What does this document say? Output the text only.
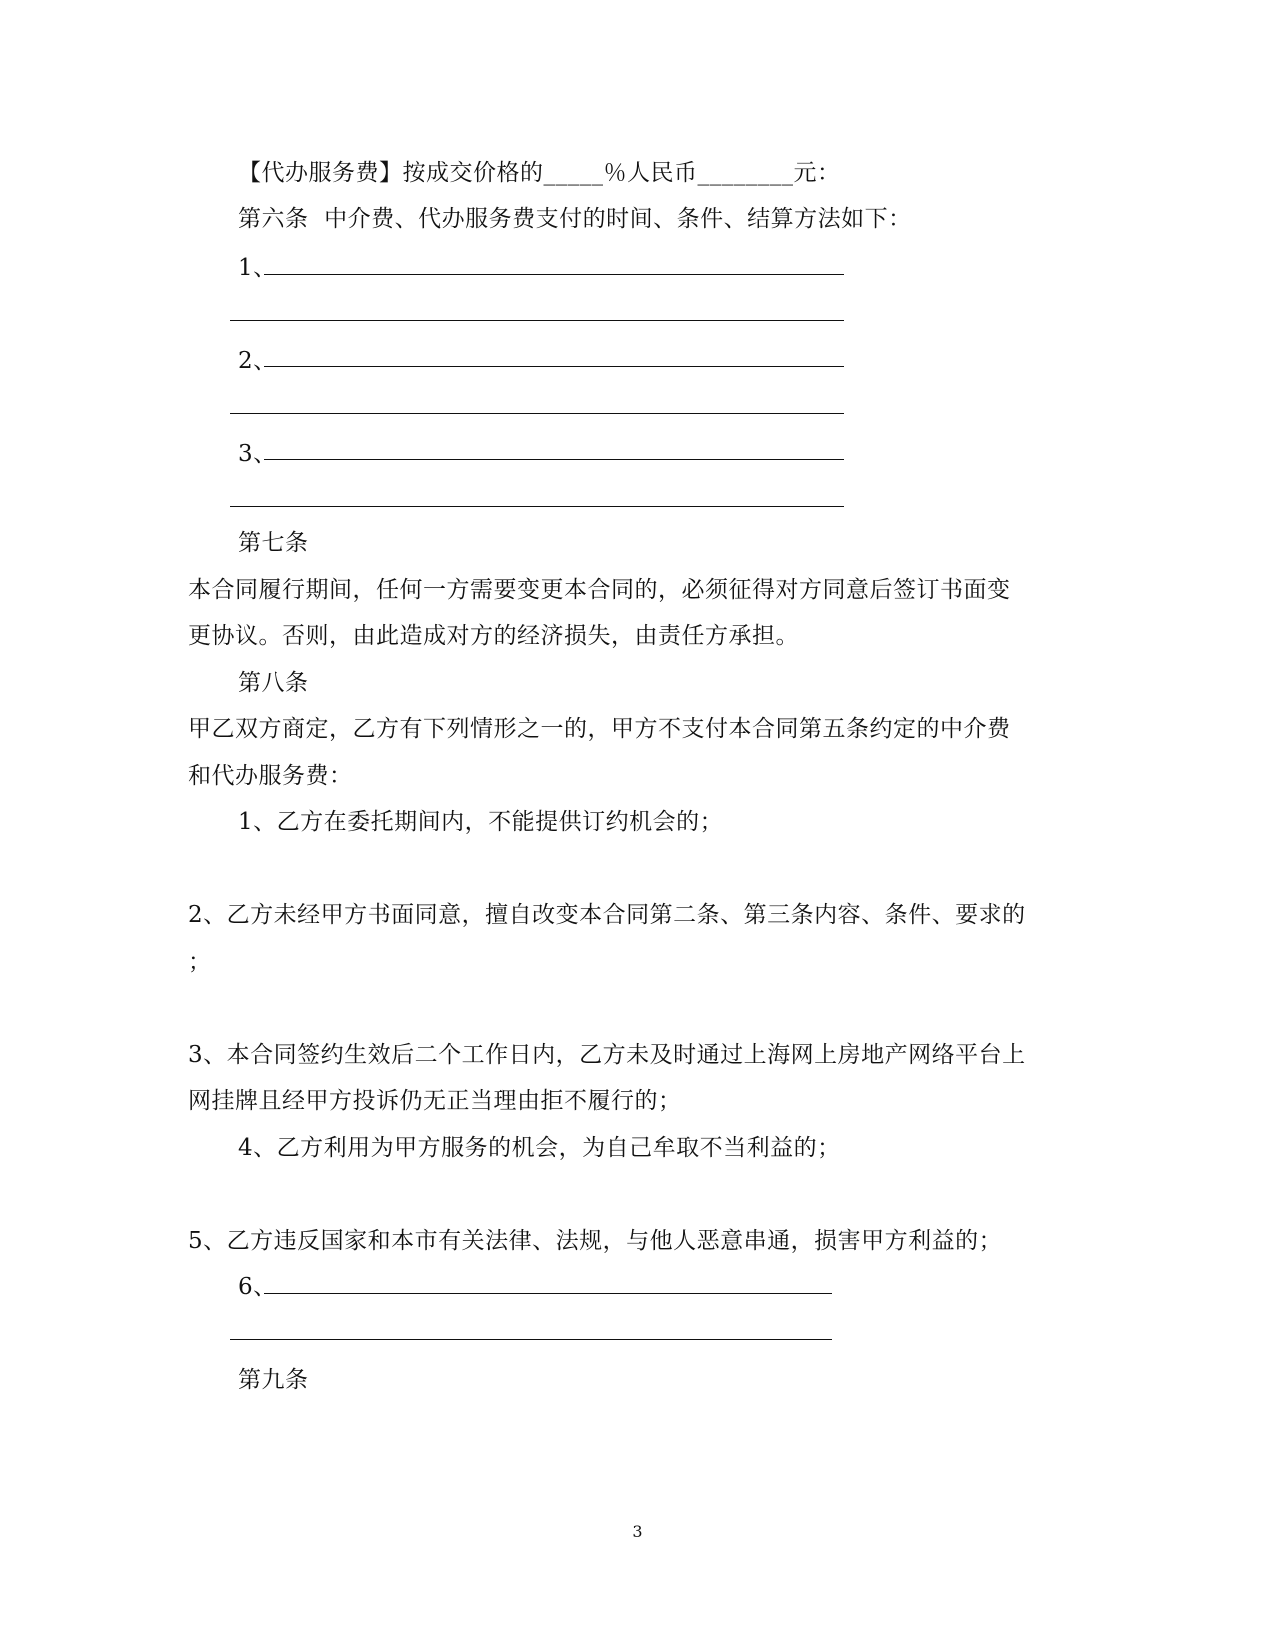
【代办服务费】按成交价格的_____％人民币________元：
第六条  中介费、代办服务费支付的时间、条件、结算方法如下：
1、
2、
3、
第七条
本合同履行期间，任何一方需要变更本合同的，必须征得对方同意后签订书面变
更协议。否则，由此造成对方的经济损失，由责任方承担。
第八条
甲乙双方商定，乙方有下列情形之一的，甲方不支付本合同第五条约定的中介费
和代办服务费：
1、乙方在委托期间内，不能提供订约机会的；
2、乙方未经甲方书面同意，擅自改变本合同第二条、第三条内容、条件、要求的
；
3、本合同签约生效后二个工作日内，乙方未及时通过上海网上房地产网络平台上
网挂牌且经甲方投诉仍无正当理由拒不履行的；
4、乙方利用为甲方服务的机会，为自己牟取不当利益的；
5、乙方违反国家和本市有关法律、法规，与他人恶意串通，损害甲方利益的；
6、
第九条
3
